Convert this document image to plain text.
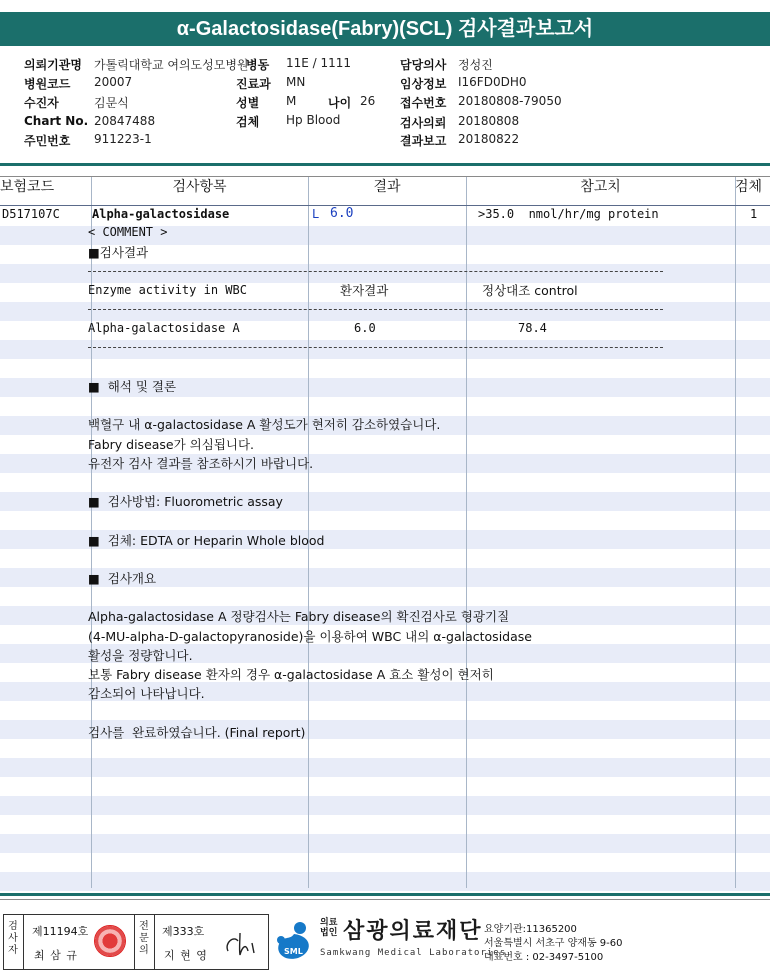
α-Galactosidase(Fabry)(SCL) 검사결과보고서
의뢰기관명 가톨릭대학교 여의도성모병원
병동 11E / 1111	담당의사 정성진
병원코드 20007	진료과 MN	임상정보 I16FD0DH0
수진자	김문식	성별 M	나이 26 접수번호 20180808-79050
Chart No. 20847488	검체 Hp Blood	검사의뢰 20180808
주민번호 911223-1	결과보고 20180822
보험코드	검사항목	결과	참고치	검체
D517107C	Alpha-galactosidase	L 6.0	>35.0  nmol/hr/mg protein	1
< COMMENT >
■검사결과
Enzyme activity in WBC	환자결과	정상대조 control
Alpha-galactosidase A	6.0	78.4
■  해석 및 결론
백혈구 내 α-galactosidase A 활성도가 현저히 감소하였습니다.
Fabry disease가 의심됩니다.
유전자 검사 결과를 참조하시기 바랍니다.
■  검사방법: Fluorometric assay
■  검체: EDTA or Heparin Whole blood
■  검사개요
Alpha-galactosidase A 정량검사는 Fabry disease의 확진검사로 형광기질
(4-MU-alpha-D-galactopyranoside)을 이용하여 WBC 내의 α-galactosidase
활성을 정량합니다.
보통 Fabry disease 환자의 경우 α-galactosidase A 효소 활성이 현저히
감소되어 나타납니다.
검사를  완료하였습니다. (Final report)
검
사
자
제11194호
최 삼 규
전
문
의
제333호
지 현 영	SML
의료
법인 삼광의료재단
Samkwang Medical Laboratories
요양기관:11365200
서울특별시 서초구 양재동 9-60
대표번호 : 02-3497-5100
